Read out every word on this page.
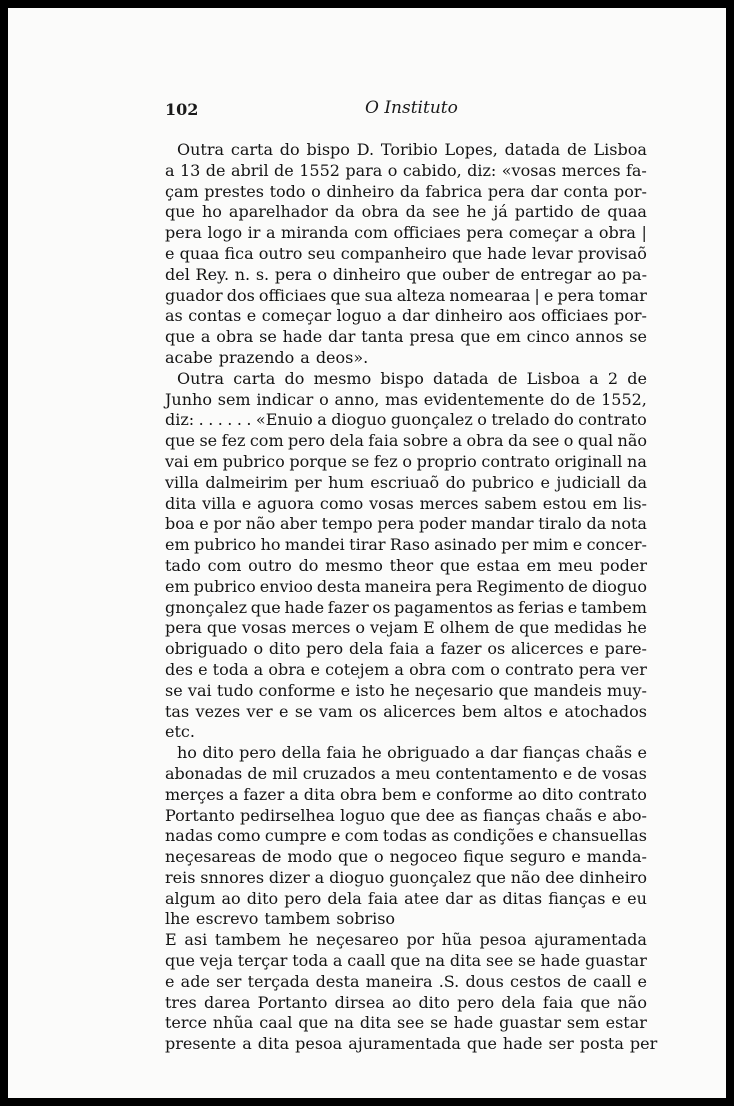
102	O Instituto
Outra carta do bispo D. Toribio Lopes, datada de Lisboa
a 13 de abril de 1552 para o cabido, diz: «vosas merces fa-
çam prestes todo o dinheiro da fabrica pera dar conta por-
que ho aparelhador da obra da see he já partido de quaa
pera logo ir a miranda com officiaes pera começar a obra |
e quaa fica outro seu companheiro que hade levar provisaõ
del Rey. n. s. pera o dinheiro que ouber de entregar ao pa-
guador dos officiaes que sua alteza nomearaa | e pera tomar
as contas e começar loguo a dar dinheiro aos officiaes por-
que a obra se hade dar tanta presa que em cinco annos se
acabe prazendo a deos».
Outra carta do mesmo bispo datada de Lisboa a 2 de
Junho sem indicar o anno, mas evidentemente do de 1552,
diz: . . . . . . «Enuio a dioguo guonçalez o trelado do contrato
que se fez com pero dela faia sobre a obra da see o qual não
vai em pubrico porque se fez o proprio contrato originall na
villa dalmeirim per hum escriuaõ do pubrico e judiciall da
dita villa e aguora como vosas merces sabem estou em lis-
boa e por não aber tempo pera poder mandar tiralo da nota
em pubrico ho mandei tirar Raso asinado per mim e concer-
tado com outro do mesmo theor que estaa em meu poder
em pubrico envioo desta maneira pera Regimento de dioguo
gnonçalez que hade fazer os pagamentos as ferias e tambem
pera que vosas merces o vejam E olhem de que medidas he
obriguado o dito pero dela faia a fazer os alicerces e pare-
des e toda a obra e cotejem a obra com o contrato pera ver
se vai tudo conforme e isto he neçesario que mandeis muy-
tas vezes ver e se vam os alicerces bem altos e atochados
etc.
ho dito pero della faia he obriguado a dar fianças chaãs e
abonadas de mil cruzados a meu contentamento e de vosas
merçes a fazer a dita obra bem e conforme ao dito contrato
Portanto pedirselhea loguo que dee as fianças chaãs e abo-
nadas como cumpre e com todas as condições e chansuellas
neçesareas de modo que o negoceo fique seguro e manda-
reis snnores dizer a dioguo guonçalez que não dee dinheiro
algum ao dito pero dela faia atee dar as ditas fianças e eu
lhe escrevo tambem sobriso
E asi tambem he neçesareo por hũa pesoa ajuramentada
que veja terçar toda a caall que na dita see se hade guastar
e ade ser terçada desta maneira .S. dous cestos de caall e
tres darea Portanto dirsea ao dito pero dela faia que não
terce nhũa caal que na dita see se hade guastar sem estar
presente a dita pesoa ajuramentada que hade ser posta per
